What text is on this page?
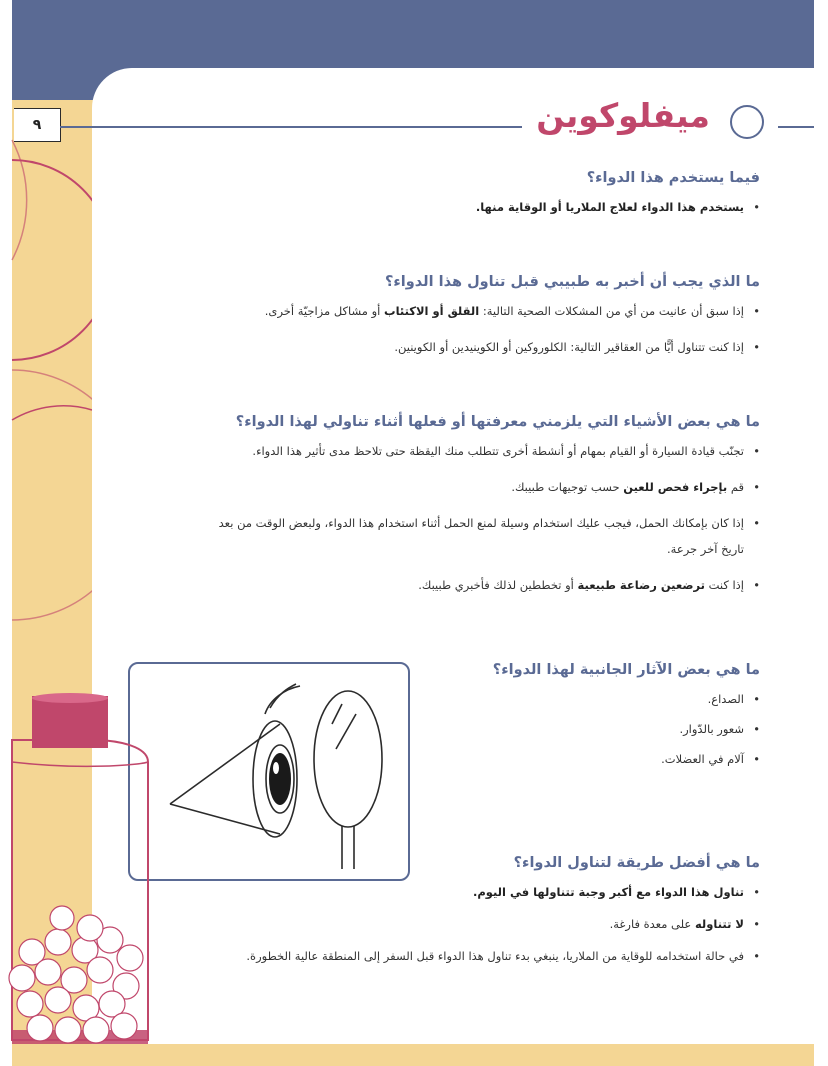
٩	ميفلوكوين
فيما يستخدم هذا الدواء؟
• يستخدم هذا الدواء لعلاج الملاريا أو الوقاية منها.
ما الذي يجب أن أخبر به طبيبي قبل تناول هذا الدواء؟
• إذا سبق أن عانيت من أي من المشكلات الصحية التالية: القلق أو الاكتئاب أو مشاكل مزاجيّة أخرى.
• إذا كنت تتناول أيًّا من العقاقير التالية: الكلوروكين أو الكوينيدين أو الكوينين.
ما هي بعض الأشياء التي يلزمني معرفتها أو فعلها أثناء تناولي لهذا الدواء؟
• تجنّب قيادة السيارة أو القيام بمهام أو أنشطة أخرى تتطلب منك اليقظة حتى تلاحظ مدى تأثير هذا الدواء.
• قم بإجراء فحص للعين حسب توجيهات طبيبك.
• إذا كان بإمكانك الحمل، فيجب عليك استخدام وسيلة لمنع الحمل أثناء استخدام هذا الدواء، ولبعض الوقت من بعد تاريخ آخر جرعة.
• إذا كنت ترضعين رضاعة طبيعية أو تخططين لذلك فأخبري طبيبك.
ما هي بعض الآثار الجانبية لهذا الدواء؟
• الصداع.
• شعور بالدّوار.
• آلام في العضلات.
ما هي أفضل طريقة لتناول الدواء؟
• تناول هذا الدواء مع أكبر وجبة تتناولها في اليوم.
• لا تتناوله على معدة فارغة.
• في حالة استخدامه للوقاية من الملاريا، ينبغي بدء تناول هذا الدواء قبل السفر إلى المنطقة عالية الخطورة.
